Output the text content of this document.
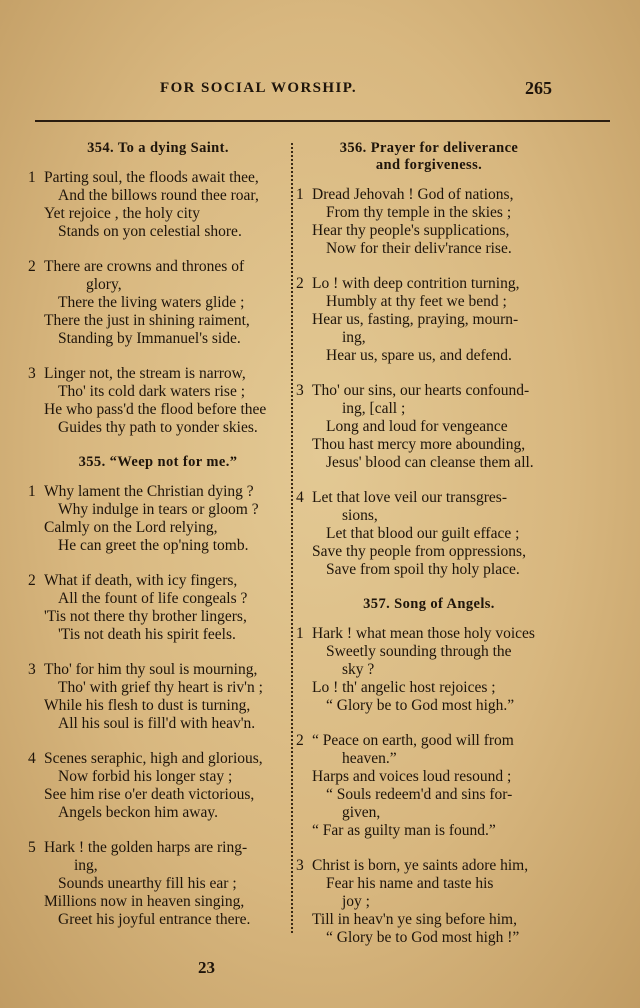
FOR SOCIAL WORSHIP.	265
354. To a dying Saint.
1 Parting soul, the floods await thee,
And the billows round thee roar,
Yet rejoice , the holy city
Stands on yon celestial shore.
2 There are crowns and thrones of
glory,
There the living waters glide ;
There the just in shining raiment,
Standing by Immanuel's side.
3 Linger not, the stream is narrow,
Tho' its cold dark waters rise ;
He who pass'd the flood before thee
Guides thy path to yonder skies.
355. “Weep not for me.”
1 Why lament the Christian dying ?
Why indulge in tears or gloom ?
Calmly on the Lord relying,
He can greet the op'ning tomb.
2 What if death, with icy fingers,
All the fount of life congeals ?
'Tis not there thy brother lingers,
'Tis not death his spirit feels.
3 Tho' for him thy soul is mourning,
Tho' with grief thy heart is riv'n ;
While his flesh to dust is turning,
All his soul is fill'd with heav'n.
4 Scenes seraphic, high and glorious,
Now forbid his longer stay ;
See him rise o'er death victorious,
Angels beckon him away.
5 Hark ! the golden harps are ring-
ing,
Sounds unearthy fill his ear ;
Millions now in heaven singing,
Greet his joyful entrance there.
356. Prayer for deliverance
and forgiveness.
1 Dread Jehovah ! God of nations,
From thy temple in the skies ;
Hear thy people's supplications,
Now for their deliv'rance rise.
2 Lo ! with deep contrition turning,
Humbly at thy feet we bend ;
Hear us, fasting, praying, mourn-
ing,
Hear us, spare us, and defend.
3 Tho' our sins, our hearts confound-
ing, [call ;
Long and loud for vengeance
Thou hast mercy more abounding,
Jesus' blood can cleanse them all.
4 Let that love veil our transgres-
sions,
Let that blood our guilt efface ;
Save thy people from oppressions,
Save from spoil thy holy place.
357. Song of Angels.
1 Hark ! what mean those holy voices
Sweetly sounding through the
sky ?
Lo ! th' angelic host rejoices ;
“ Glory be to God most high.”
2 “ Peace on earth, good will from
heaven.”
Harps and voices loud resound ;
“ Souls redeem'd and sins for-
given,
“ Far as guilty man is found.”
3 Christ is born, ye saints adore him,
Fear his name and taste his
joy ;
Till in heav'n ye sing before him,
“ Glory be to God most high !”
23
